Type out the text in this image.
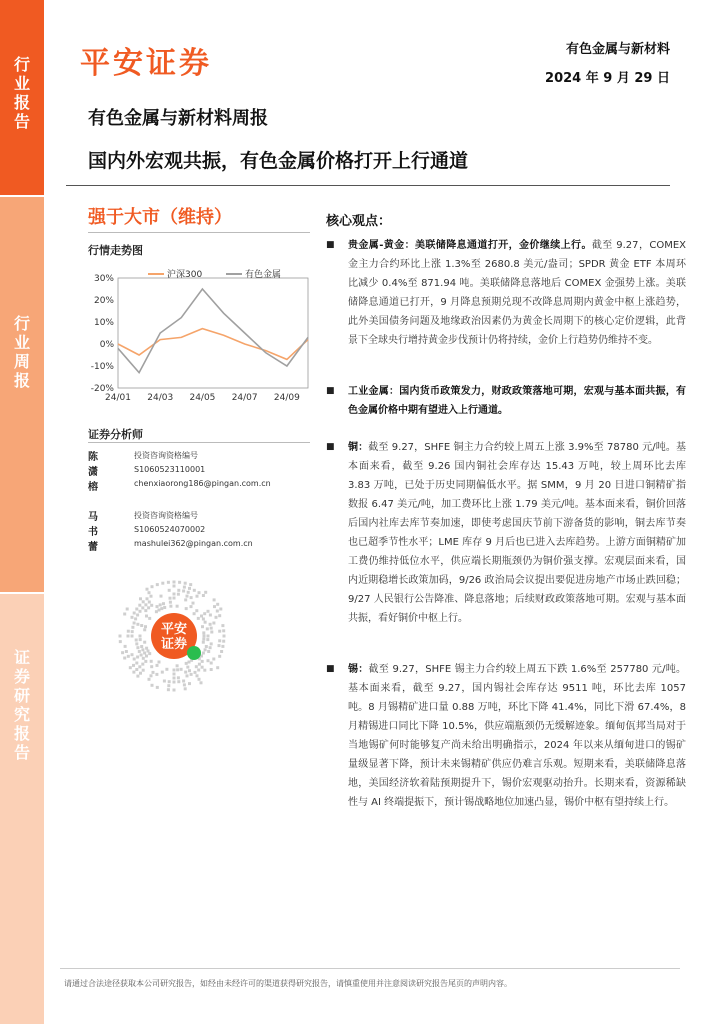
行
业
报
告
行
业
周
报
证
券
研
究
报
告
平安证券	有色金属与新材料
2024 年 9 月 29 日
有色金属与新材料周报
国内外宏观共振，有色金属价格打开上行通道
强于大市（维持）
行情走势图
30%
20%
10%
0%
-10%
-20%
24/01 24/03 24/05 24/07 24/09
沪深300	有色金属
证券分析师
陈潇榕
投资咨询资格编号
S1060523110001
chenxiaorong186@pingan.com.cn
马书蕾
投资咨询资格编号
S1060524070002
mashulei362@pingan.com.cn
平安
证券
核心观点：
■ 贵金属-黄金：美联储降息通道打开，金价继续上行。截至 9.27，COMEX 金主力合约环比上涨 1.3%至 2680.8 美元/盎司；SPDR 黄金 ETF 本周环比减少 0.4%至 871.94 吨。美联储降息落地后 COMEX 金强势上涨。美联储降息通道已打开，9 月降息预期兑现不改降息周期内黄金中枢上涨趋势，此外美国债务问题及地缘政治因素仍为黄金长周期下的核心定价逻辑，此背景下全球央行增持黄金步伐预计仍将持续，金价上行趋势仍维持不变。
■ 工业金属：国内货币政策发力，财政政策落地可期，宏观与基本面共振，有色金属价格中期有望进入上行通道。
■ 铜：截至 9.27，SHFE 铜主力合约较上周五上涨 3.9%至 78780 元/吨。基本面来看，截至 9.26 国内铜社会库存达 15.43 万吨，较上周环比去库 3.83 万吨，已处于历史同期偏低水平。据 SMM，9 月 20 日进口铜精矿指数报 6.47 美元/吨，加工费环比上涨 1.79 美元/吨。基本面来看，铜价回落后国内社库去库节奏加速，即使考虑国庆节前下游备货的影响，铜去库节奏也已超季节性水平；LME 库存 9 月后也已进入去库趋势。上游方面铜精矿加工费仍维持低位水平，供应端长期瓶颈仍为铜价强支撑。宏观层面来看，国内近期稳增长政策加码，9/26 政治局会议提出要促进房地产市场止跌回稳；9/27 人民银行公告降准、降息落地；后续财政政策落地可期。宏观与基本面共振，看好铜价中枢上行。
■ 锡：截至 9.27，SHFE 锡主力合约较上周五下跌 1.6%至 257780 元/吨。基本面来看，截至 9.27，国内锡社会库存达 9511 吨，环比去库 1057 吨。8 月锡精矿进口量 0.88 万吨，环比下降 41.4%，同比下滑 67.4%，8 月精锡进口同比下降 10.5%，供应端瓶颈仍无缓解迹象。缅甸佤邦当局对于当地锡矿何时能够复产尚未给出明确指示，2024 年以来从缅甸进口的锡矿量级显著下降，预计未来锡精矿供应仍难言乐观。短期来看，美联储降息落地，美国经济软着陆预期提升下，锡价宏观驱动抬升。长期来看，资源稀缺性与 AI 终端提振下，预计锡战略地位加速凸显，锡价中枢有望持续上行。
请通过合法途径获取本公司研究报告，如经由未经许可的渠道获得研究报告，请慎重使用并注意阅读研究报告尾页的声明内容。
